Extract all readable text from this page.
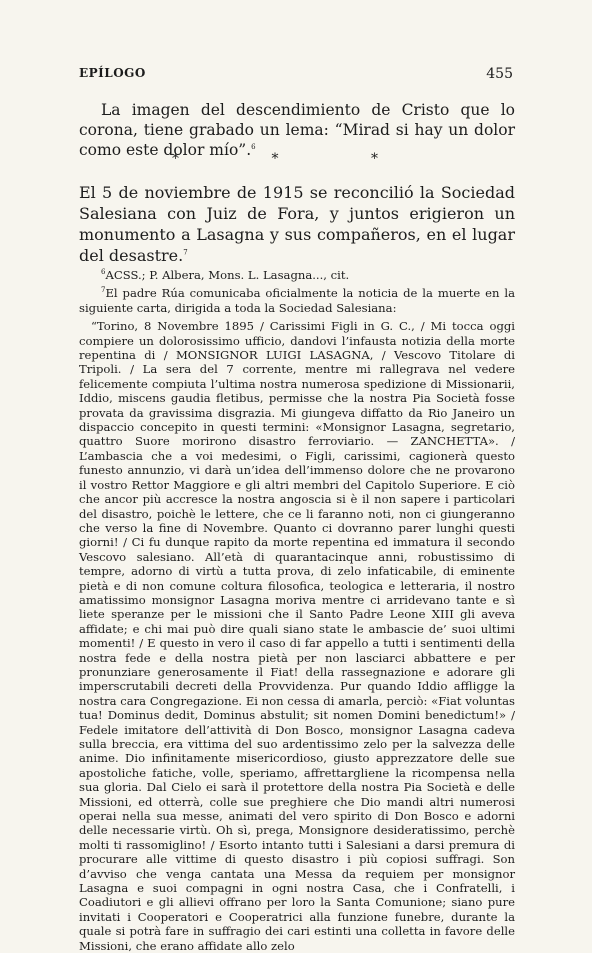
EPÍLOGO	455

La imagen del descendimiento de Cristo que lo corona, tiene grabado un lema: “Mirad si hay un dolor como este dolor mío”.$^6$

* * *

El 5 de noviembre de 1915 se reconcilió la Sociedad Salesiana con Juiz de Fora, y juntos erigieron un monumento a Lasagna y sus compañeros, en el lugar del desastre.$^7$

$^6$ACSS.; P. Albera, Mons. L. Lasagna..., cit.

$^7$El padre Rúa comunicaba oficialmente la noticia de la muerte en la siguiente carta, dirigida a toda la Sociedad Salesiana:

“Torino, 8 Novembre 1895 / Carissimi Figli in G. C., / Mi tocca oggi compiere un dolorosissimo ufficio, dandovi l’infausta notizia della morte repentina di / MONSIGNOR LUIGI LASAGNA, / Vescovo Titolare di Tripoli. / La sera del 7 corrente, mentre mi rallegrava nel vedere felicemente compiuta l’ultima nostra numerosa spedizione di Missionarii, Iddio, miscens gaudia fletibus, permisse che la nostra Pia Società fosse provata da gravissima disgrazia. Mi giungeva diffatto da Rio Janeiro un dispaccio concepito in questi termini: «Monsignor Lasagna, segretario, quattro Suore morirono disastro ferroviario. — ZANCHETTA». / L’ambascia che a voi medesimi, o Figli, carissimi, cagionerà questo funesto annunzio, vi darà un’idea dell’immenso dolore che ne provarono il vostro Rettor Maggiore e gli altri membri del Capitolo Superiore. E ciò che ancor più accresce la nostra angoscia si è il non sapere i particolari del disastro, poichè le lettere, che ce li faranno noti, non ci giungeranno che verso la fine di Novembre. Quanto ci dovranno parer lunghi questi giorni! / Ci fu dunque rapito da morte repentina ed immatura il secondo Vescovo salesiano. All’età di quarantacinque anni, robustissimo di tempre, adorno di virtù a tutta prova, di zelo infaticabile, di eminente pietà e di non comune coltura filosofica, teologica e letteraria, il nostro amatissimo monsignor Lasagna moriva mentre ci arridevano tante e sì liete speranze per le missioni che il Santo Padre Leone XIII gli aveva affidate; e chi mai può dire quali siano state le ambascie de’ suoi ultimi momenti! / E questo in vero il caso di far appello a tutti i sentimenti della nostra fede e della nostra pietà per non lasciarci abbattere e per pronunziare generosamente il Fiat! della rassegnazione e adorare gli imperscrutabili decreti della Provvidenza. Pur quando Iddio affligge la nostra cara Congregazione. Ei non cessa di amarla, perciò: «Fiat voluntas tua! Dominus dedit, Dominus abstulit; sit nomen Domini benedictum!» / Fedele imitatore dell’attività di Don Bosco, monsignor Lasagna cadeva sulla breccia, era vittima del suo ardentissimo zelo per la salvezza delle anime. Dio infinitamente misericordioso, giusto apprezzatore delle sue apostoliche fatiche, volle, speriamo, affrettargliene la ricompensa nella sua gloria. Dal Cielo ei sarà il protettore della nostra Pia Società e delle Missioni, ed otterrà, colle sue preghiere che Dio mandi altri numerosi operai nella sua messe, animati del vero spirito di Don Bosco e adorni delle necessarie virtù. Oh sì, prega, Monsignore desideratissimo, perchè molti ti rassomiglino! / Esorto intanto tutti i Salesiani a darsi premura di procurare alle vittime di questo disastro i più copiosi suffragi. Son d’avviso che venga cantata una Messa da requiem per monsignor Lasagna e suoi compagni in ogni nostra Casa, che i Confratelli, i Coadiutori e gli allievi offrano per loro la Santa Comunione; siano pure invitati i Cooperatori e Cooperatrici alla funzione funebre, durante la quale si potrà fare in suffragio dei cari estinti una colletta in favore delle Missioni, che erano affidate allo zelo
